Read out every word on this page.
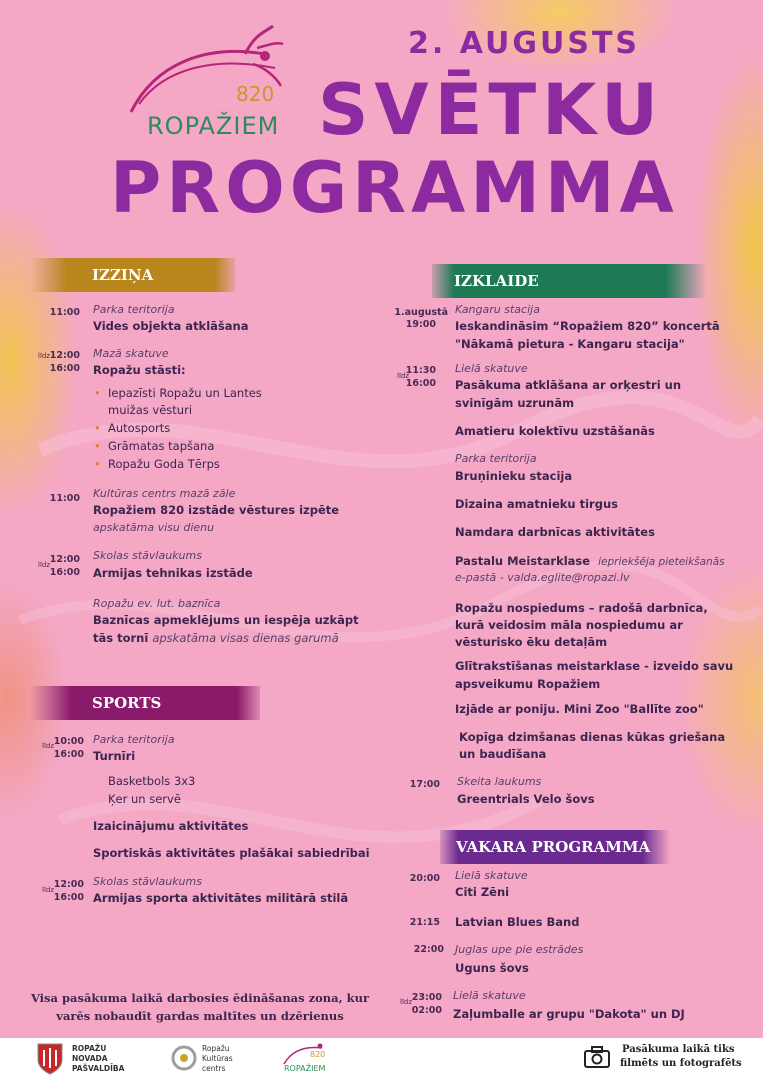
820
ROPAŽIEM
2. AUGUSTS
SVĒTKU
PROGRAMMA
IZZIŅA
11:00 Parka teritorija
Vides objekta atklāšana
līdz 12:00
16:00
Mazā skatuve
Ropažu stāsti:
• Iepazīsti Ropažu un Lantes
muižas vēsturi
• Autosports
• Grāmatas tapšana
• Ropažu Goda Tērps
11:00 Kultūras centrs mazā zāle
Ropažiem 820 izstāde vēstures izpēte
apskatāma visu dienu
līdz 12:00
16:00
Skolas stāvlaukums
Armijas tehnikas izstāde
Ropažu ev. lut. baznīca
Baznīcas apmeklējums un iespēja uzkāpt
tās tornī apskatāma visas dienas garumā
SPORTS
līdz 10:00
16:00
Parka teritorija
Turnīri
Basketbols 3x3
Ķer un servē
Izaicinājumu aktivitātes
Sportiskās aktivitātes plašākai sabiedrībai
līdz 12:00
16:00
Skolas stāvlaukums
Armijas sporta aktivitātes militārā stilā
IZKLAIDE
1.augustā
19:00
Kangaru stacija
Ieskandināsim “Ropažiem 820” koncertā
"Nākamā pietura - Kangaru stacija"
līdz
11:30
16:00
Lielā skatuve
Pasākuma atklāšana ar orķestri un
svinīgām uzrunām
Amatieru kolektīvu uzstāšanās
Parka teritorija
Bruņinieku stacija
Dizaina amatnieku tirgus
Namdara darbnīcas aktivitātes
Pastalu Meistarklase iepriekšēja pieteikšanās
e-pastā - valda.eglite@ropazi.lv
Ropažu nospiedums – radošā darbnīca,
kurā veidosim māla nospiedumu ar
vēsturisko ēku detaļām
Glītrakstīšanas meistarklase - izveido savu
apsveikumu Ropažiem
Izjāde ar poniju. Mini Zoo "Ballīte zoo"
Kopīga dzimšanas dienas kūkas griešana
un baudīšana
17:00 Skeita laukums
Greentrials Velo šovs
VAKARA PROGRAMMA
20:00 Lielā skatuve
Citi Zēni
21:15 Latvian Blues Band
22:00 Juglas upe pie estrādes
Uguns šovs
līdz 23:00
02:00
Lielā skatuve
Zaļumballe ar grupu "Dakota" un DJ
Visa pasākuma laikā darbosies ēdināšanas zona, kur
varēs nobaudīt gardas maltītes un dzērienus
ROPAŽU
NOVADA
PAŠVALDĪBA
Ropažu
Kultūras
centrs
820
ROPAŽIEM
Pasākuma laikā tiks
filmēts un fotografēts
